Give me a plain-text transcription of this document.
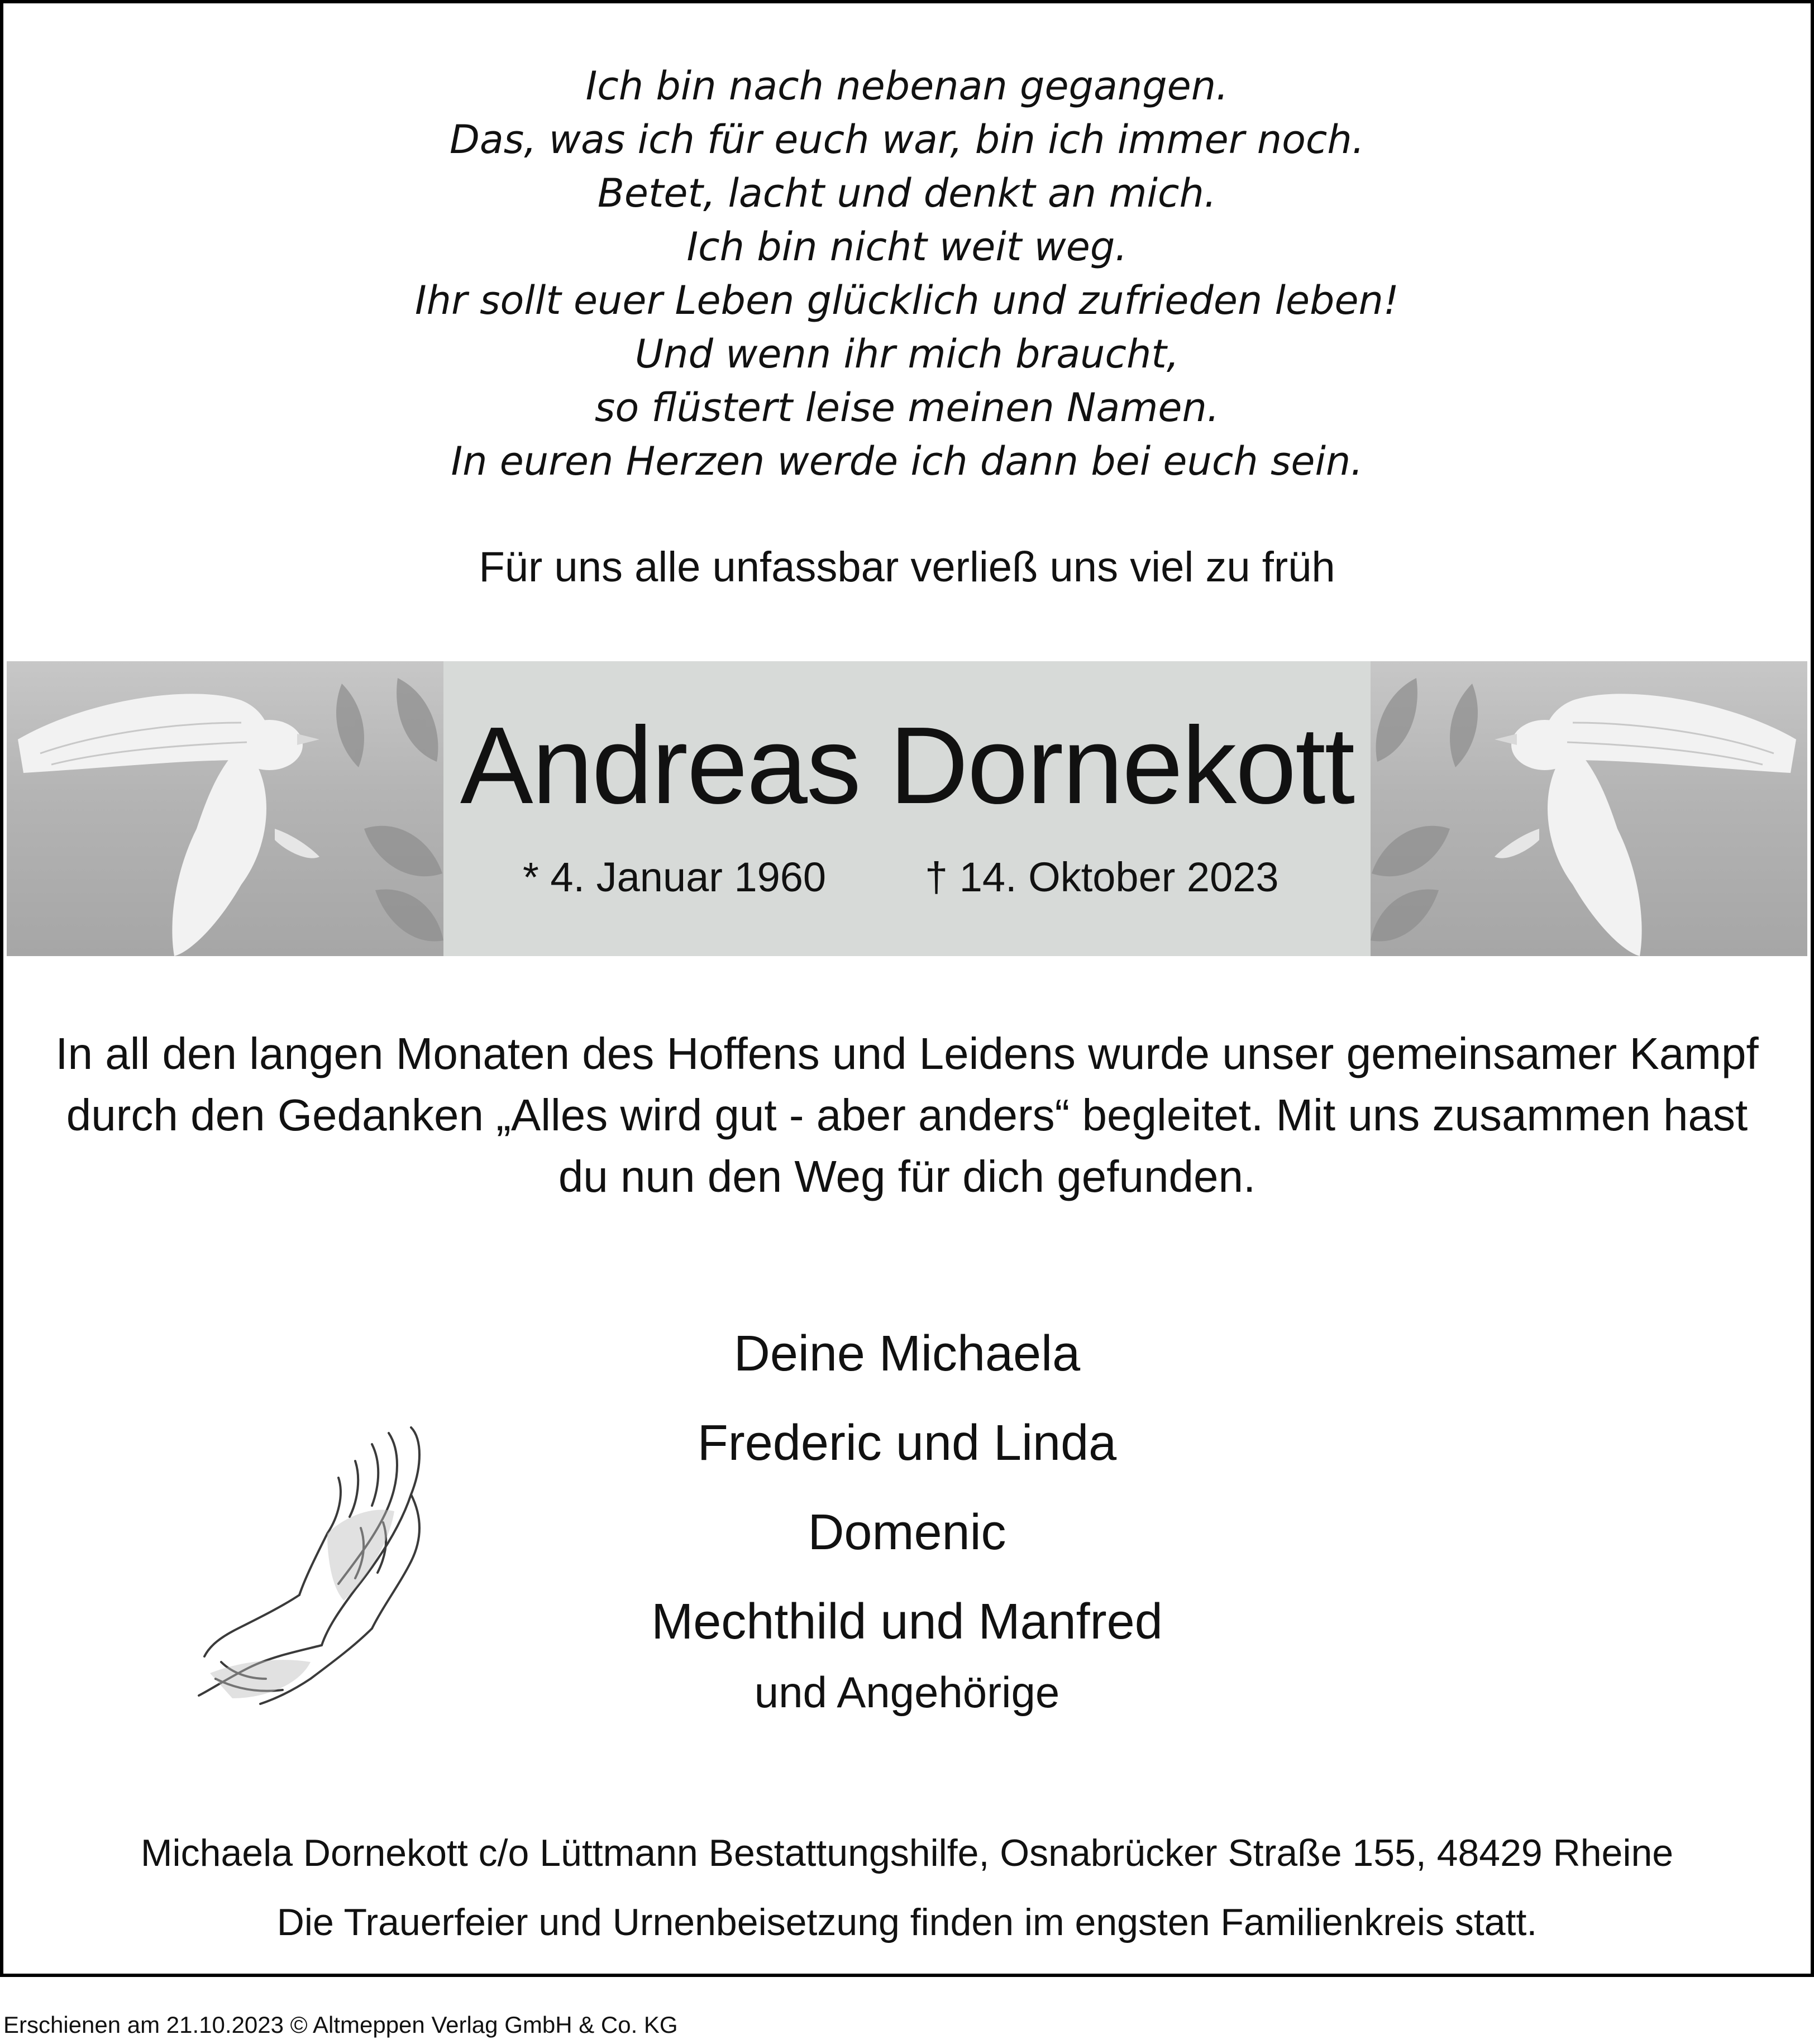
Ich bin nach nebenan gegangen.
Das, was ich für euch war, bin ich immer noch.
Betet, lacht und denkt an mich.
Ich bin nicht weit weg.
Ihr sollt euer Leben glücklich und zufrieden leben!
Und wenn ihr mich braucht,
so flüstert leise meinen Namen.
In euren Herzen werde ich dann bei euch sein.
Für uns alle unfassbar verließ uns viel zu früh
Andreas Dornekott
* 4. Januar 1960 † 14. Oktober 2023
In all den langen Monaten des Hoffens und Leidens wurde unser gemeinsamer Kampf
durch den Gedanken „Alles wird gut - aber anders“ begleitet. Mit uns zusammen hast
du nun den Weg für dich gefunden.
Deine Michaela
Frederic und Linda
Domenic
Mechthild und Manfred
und Angehörige
Michaela Dornekott c/o Lüttmann Bestattungshilfe, Osnabrücker Straße 155, 48429 Rheine
Die Trauerfeier und Urnenbeisetzung finden im engsten Familienkreis statt.
Erschienen am 21.10.2023 © Altmeppen Verlag GmbH & Co. KG
